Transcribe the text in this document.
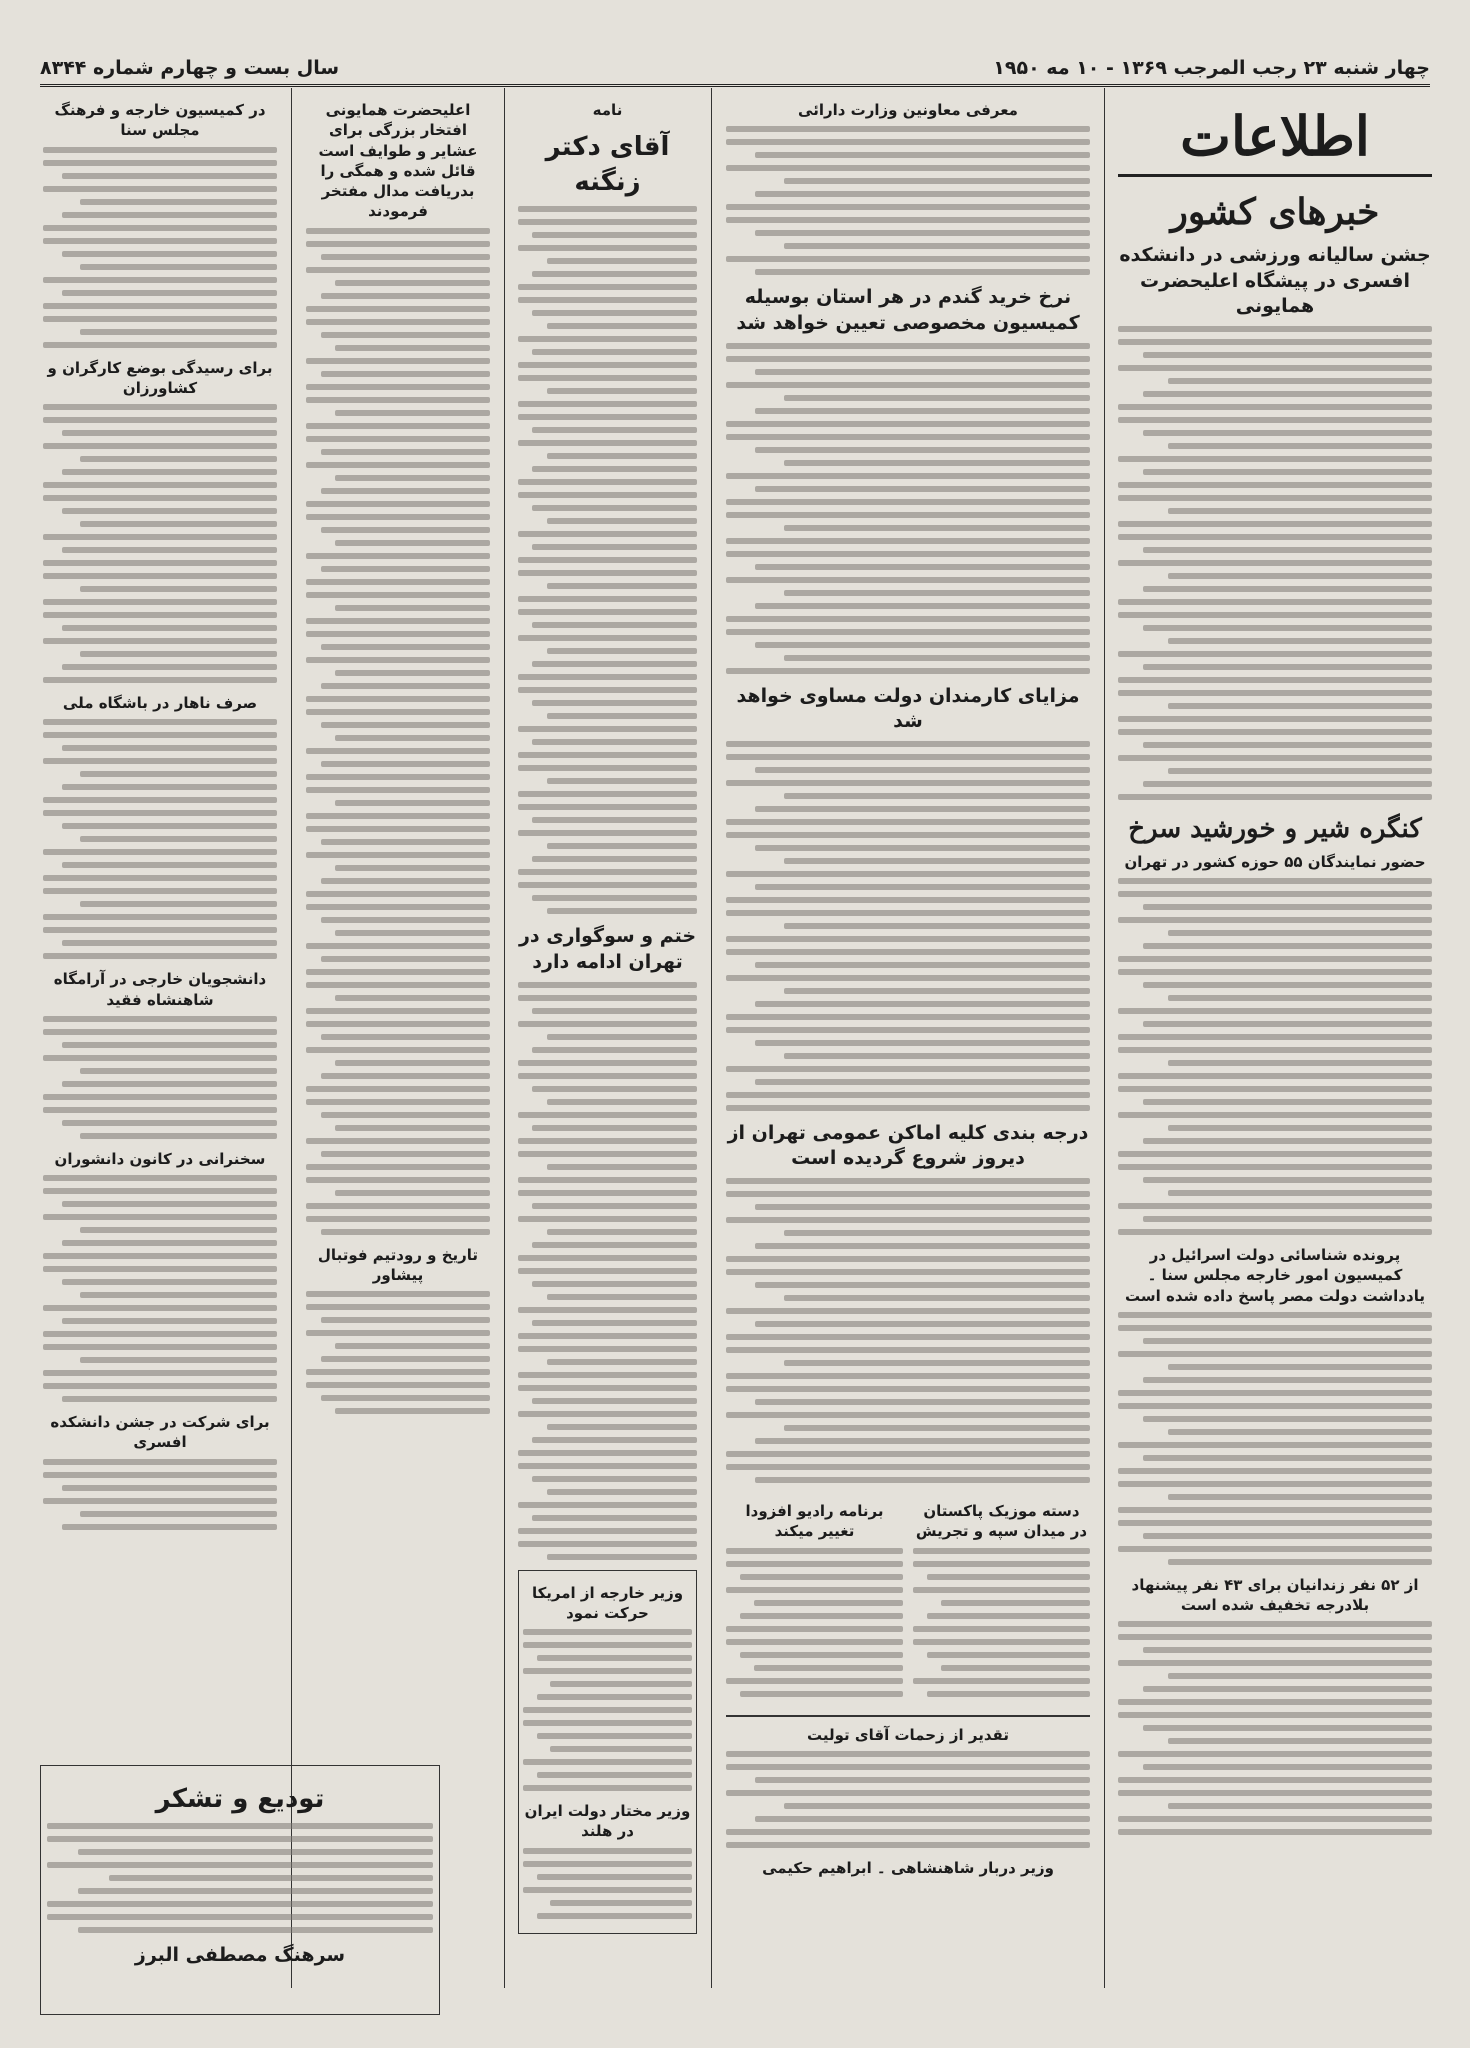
چهار شنبه ۲۳ رجب المرجب ۱۳۶۹ - ۱۰ مه ۱۹۵۰
سال بست و چهارم شماره ۸۳۴۴
اطلاعات
خبرهای کشور
جشن سالیانه ورزشی در دانشکده افسری در پیشگاه اعلیحضرت همایونی
کنگره شیر و خورشید سرخ
حضور نمایندگان ۵۵ حوزه کشور در تهران
پرونده شناسائی دولت اسرائیل در کمیسیون امور خارجه مجلس سنا ۔ یادداشت دولت مصر پاسخ داده شده است
از ۵۲ نفر زندانیان برای ۴۳ نفر پیشنهاد بلادرجه تخفیف شده است
معرفی معاونین وزارت دارائی
نرخ خرید گندم در هر استان بوسیله کمیسیون مخصوصی تعیین خواهد شد
مزایای کارمندان دولت مساوی خواهد شد
درجه بندی کلیه اماکن عمومی تهران از دیروز شروع گردیده است
دسته موزیک پاکستان در میدان سپه و تجریش
برنامه رادیو افزودا تغییر میکند
تقدیر از زحمات آقای تولیت
وزیر دربار شاهنشاهی ۔ ابراهیم حکیمی
نامه
آقای دکتر زنگنه
ختم و سوگواری در تهران ادامه دارد
وزیر خارجه از امریکا حرکت نمود
وزیر مختار دولت ایران در هلند
اعلیحضرت همایونی افتخار بزرگی برای عشایر و طوایف است قائل شده و همگی را بدریافت مدال مفتخر فرمودند
تاریخ و رودتیم فوتبال پیشاور
در کمیسیون خارجه و فرهنگ مجلس سنا
برای رسیدگی بوضع کارگران و کشاورزان
صرف ناهار در باشگاه ملی
دانشجویان خارجی در آرامگاه شاهنشاه فقید
سخنرانی در کانون دانشوران
برای شرکت در جشن دانشکده افسری
تودیع و تشکر
سرهنگ مصطفی البرز
